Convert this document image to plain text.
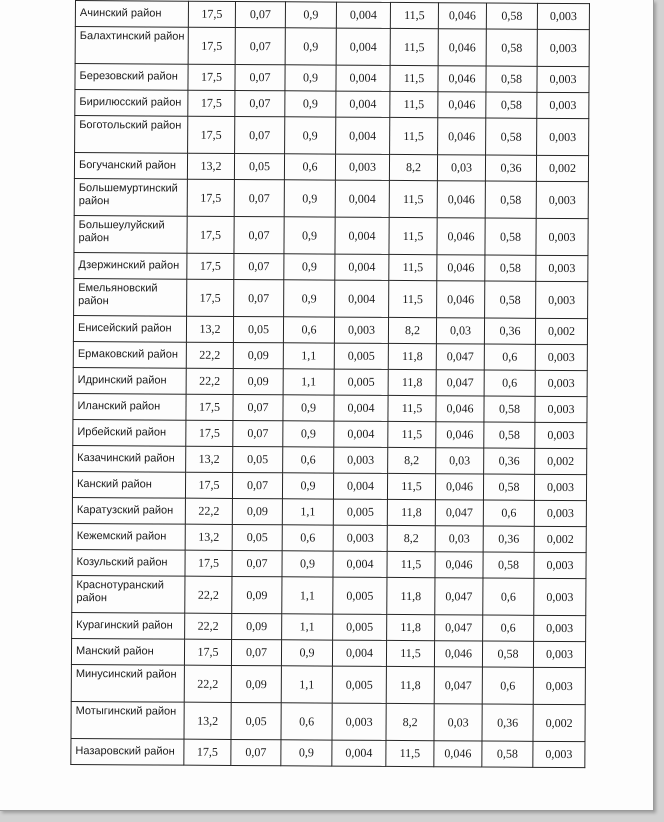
Ачинский район	17,5	0,07	0,9	0,004	11,5	0,046	0,58	0,003
Балахтинский район	17,5	0,07	0,9	0,004	11,5	0,046	0,58	0,003
Березовский район	17,5	0,07	0,9	0,004	11,5	0,046	0,58	0,003
Бирилюсский район	17,5	0,07	0,9	0,004	11,5	0,046	0,58	0,003
Боготольский район	17,5	0,07	0,9	0,004	11,5	0,046	0,58	0,003
Богучанский район	13,2	0,05	0,6	0,003	8,2	0,03	0,36	0,002
Большемуртинский район	17,5	0,07	0,9	0,004	11,5	0,046	0,58	0,003
Большеулуйский район	17,5	0,07	0,9	0,004	11,5	0,046	0,58	0,003
Дзержинский район	17,5	0,07	0,9	0,004	11,5	0,046	0,58	0,003
Емельяновский район	17,5	0,07	0,9	0,004	11,5	0,046	0,58	0,003
Енисейский район	13,2	0,05	0,6	0,003	8,2	0,03	0,36	0,002
Ермаковский район	22,2	0,09	1,1	0,005	11,8	0,047	0,6	0,003
Идринский район	22,2	0,09	1,1	0,005	11,8	0,047	0,6	0,003
Иланский район	17,5	0,07	0,9	0,004	11,5	0,046	0,58	0,003
Ирбейский район	17,5	0,07	0,9	0,004	11,5	0,046	0,58	0,003
Казачинский район	13,2	0,05	0,6	0,003	8,2	0,03	0,36	0,002
Канский район	17,5	0,07	0,9	0,004	11,5	0,046	0,58	0,003
Каратузский район	22,2	0,09	1,1	0,005	11,8	0,047	0,6	0,003
Кежемский район	13,2	0,05	0,6	0,003	8,2	0,03	0,36	0,002
Козульский район	17,5	0,07	0,9	0,004	11,5	0,046	0,58	0,003
Краснотуранский район	22,2	0,09	1,1	0,005	11,8	0,047	0,6	0,003
Курагинский район	22,2	0,09	1,1	0,005	11,8	0,047	0,6	0,003
Манский район	17,5	0,07	0,9	0,004	11,5	0,046	0,58	0,003
Минусинский район	22,2	0,09	1,1	0,005	11,8	0,047	0,6	0,003
Мотыгинский район	13,2	0,05	0,6	0,003	8,2	0,03	0,36	0,002
Назаровский район	17,5	0,07	0,9	0,004	11,5	0,046	0,58	0,003
